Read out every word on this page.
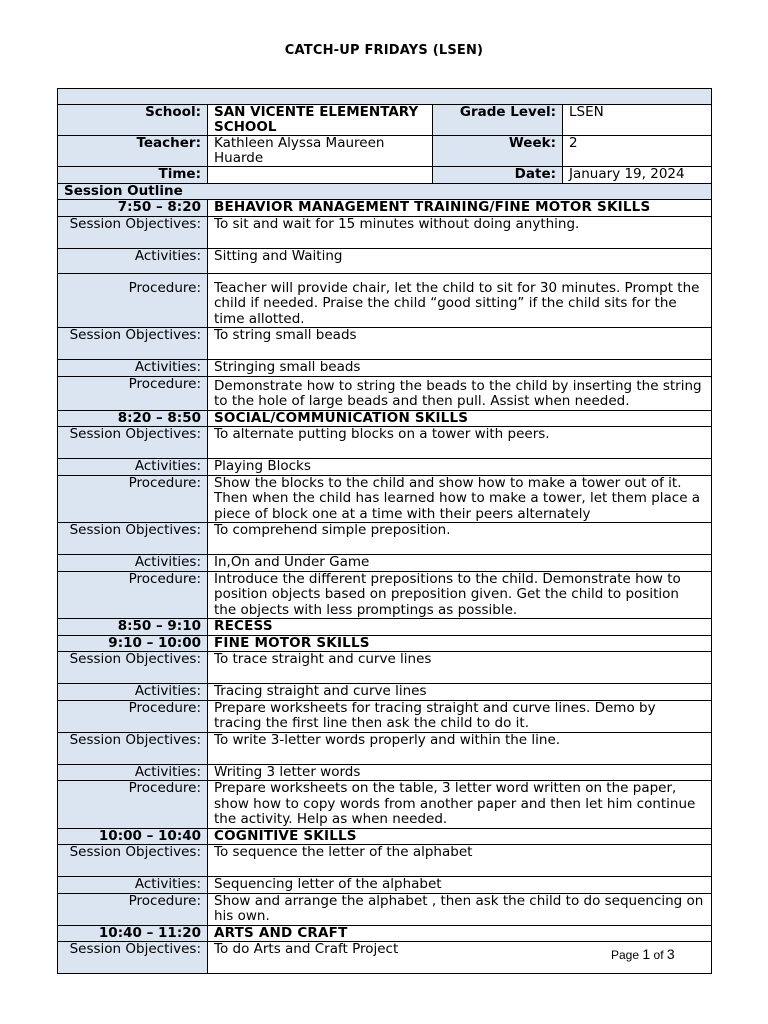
CATCH-UP FRIDAYS (LSEN)

School:	SAN VICENTE ELEMENTARY SCHOOL	Grade Level:	LSEN
Teacher:	Kathleen Alyssa Maureen Huarde	Week:	2
Time:		Date:	January 19, 2024
Session Outline			
7:50 – 8:20	BEHAVIOR MANAGEMENT TRAINING/FINE MOTOR SKILLS		
Session Objectives:	To sit and wait for 15 minutes without doing anything.		
Activities:	Sitting and Waiting		
Procedure:	Teacher will provide chair, let the child to sit for 30 minutes. Prompt the child if needed. Praise the child “good sitting” if the child sits for the time allotted.		
Session Objectives:	To string small beads		
Activities:	Stringing small beads		
Procedure:	Demonstrate how to string the beads to the child by inserting the string to the hole of large beads and then pull. Assist when needed.		
8:20 – 8:50	SOCIAL/COMMUNICATION SKILLS		
Session Objectives:	To alternate putting blocks on a tower with peers.		
Activities:	Playing Blocks		
Procedure:	Show the blocks to the child and show how to make a tower out of it. Then when the child has learned how to make a tower, let them place a piece of block one at a time with their peers alternately		
Session Objectives:	To comprehend simple preposition.		
Activities:	In,On and Under Game		
Procedure:	Introduce the different prepositions to the child. Demonstrate how to position objects based on preposition given. Get the child to position the objects with less promptings as possible.		
8:50 – 9:10	RECESS		
9:10 – 10:00	FINE MOTOR SKILLS		
Session Objectives:	To trace straight and curve lines		
Activities:	Tracing straight and curve lines		
Procedure:	Prepare worksheets for tracing straight and curve lines. Demo by tracing the first line then ask the child to do it.		
Session Objectives:	To write 3-letter words properly and within the line.		
Activities:	Writing 3 letter words		
Procedure:	Prepare worksheets on the table, 3 letter word written on the paper, show how to copy words from another paper and then let him continue the activity. Help as when needed.		
10:00 – 10:40	COGNITIVE SKILLS		
Session Objectives:	To sequence the letter of the alphabet		
Activities:	Sequencing letter of the alphabet		
Procedure:	Show and arrange the alphabet , then ask the child to do sequencing on his own.		
10:40 – 11:20	ARTS AND CRAFT		
Session Objectives:	To do Arts and Craft Project			Page 1 of 3
